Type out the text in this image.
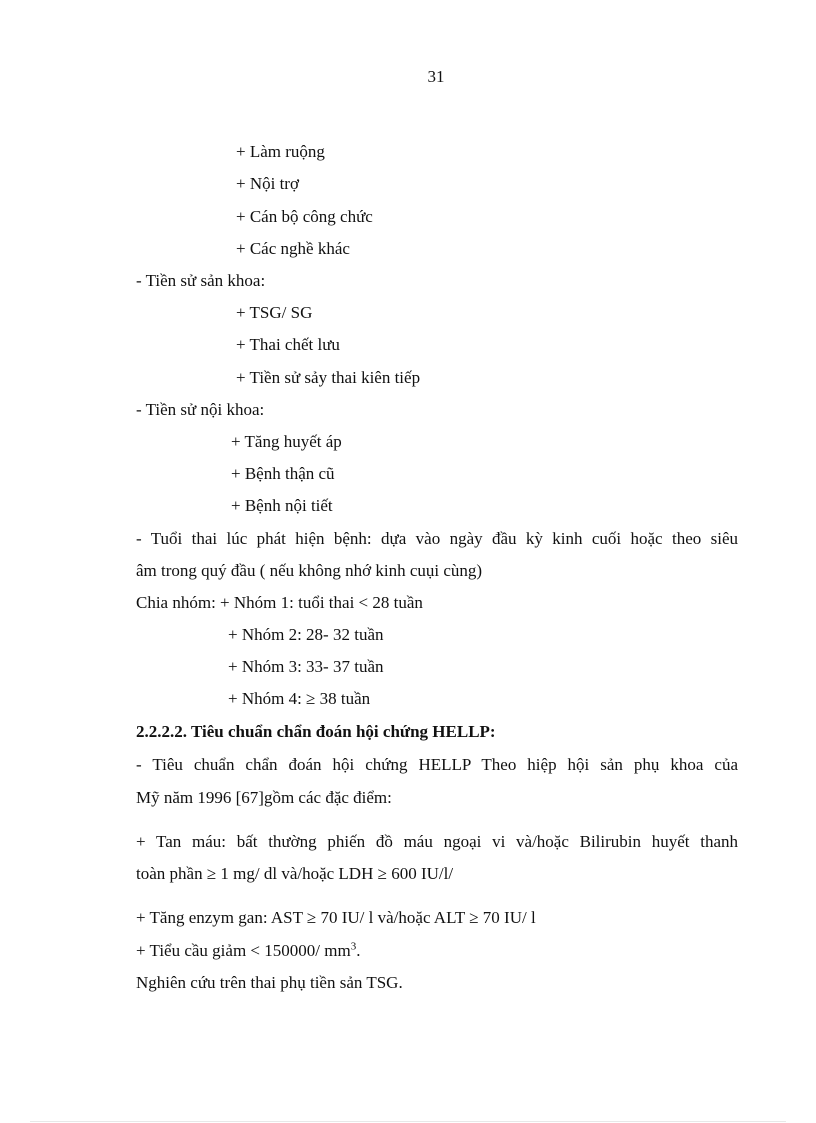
31
+ Làm ruộng
+ Nội trợ
+ Cán bộ công chức
+ Các nghề khác
- Tiền sử sản khoa:
+ TSG/ SG
+ Thai chết lưu
+ Tiền sử sảy thai kiên tiếp
- Tiền sử nội khoa:
+ Tăng huyết áp
+ Bệnh thận cũ
+ Bệnh nội tiết
- Tuổi thai lúc phát hiện bệnh: dựa vào ngày đầu kỳ kinh cuối hoặc theo siêu
âm trong quý đầu ( nếu không nhớ kinh cuụi cùng)
Chia nhóm: + Nhóm 1: tuổi thai < 28 tuần
+ Nhóm 2: 28- 32 tuần
+ Nhóm 3: 33- 37 tuần
+ Nhóm 4: ≥ 38 tuần
2.2.2.2. Tiêu chuẩn chẩn đoán hội chứng HELLP:
- Tiêu chuẩn chẩn đoán hội chứng HELLP Theo hiệp hội sản phụ khoa của
Mỹ năm 1996 [67]gồm các đặc điểm:
+ Tan máu: bất thường phiến đồ máu ngoại vi và/hoặc Bilirubin huyết thanh
toàn phần ≥ 1 mg/ dl và/hoặc LDH ≥ 600 IU/l/
+ Tăng enzym gan: AST ≥ 70 IU/ l và/hoặc ALT ≥ 70 IU/ l
+ Tiểu cầu giảm < 150000/ $mm^3$.
Nghiên cứu trên thai phụ tiền sản TSG.
